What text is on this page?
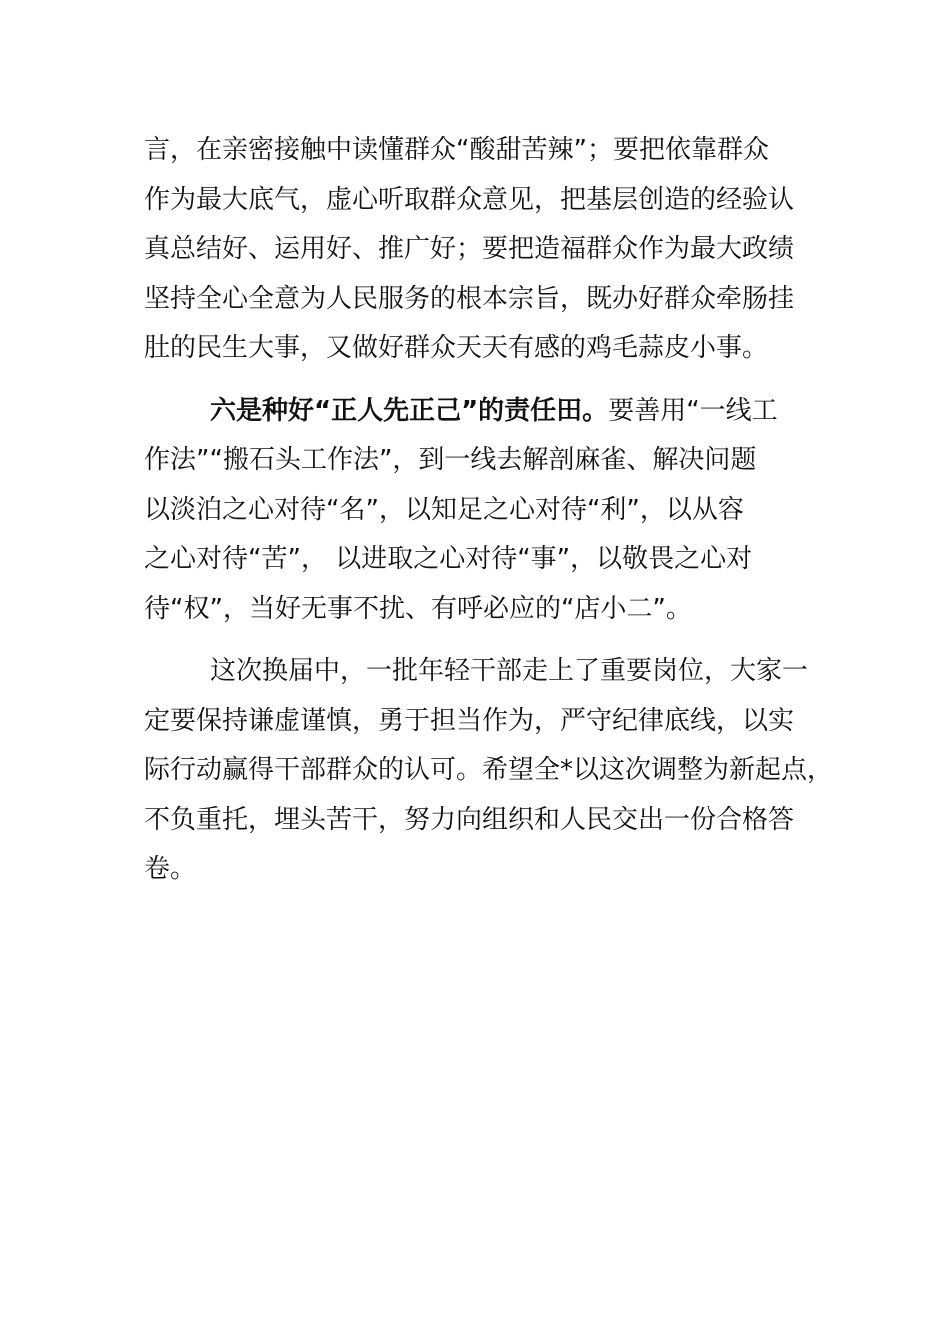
言，在亲密接触中读懂群众“酸甜苦辣”；要把依靠群众
作为最大底气，虚心听取群众意见，把基层创造的经验认
真总结好、运用好、推广好；要把造福群众作为最大政绩
坚持全心全意为人民服务的根本宗旨，既办好群众牵肠挂
肚的民生大事，又做好群众天天有感的鸡毛蒜皮小事。
六是种好“正人先正己”的责任田。要善用“一线工
作法”“搬石头工作法”，到一线去解剖麻雀、解决问题
以淡泊之心对待“名”，以知足之心对待“利”，以从容
之心对待“苦”， 以进取之心对待“事”，以敬畏之心对
待“权”，当好无事不扰、有呼必应的“店小二”。
这次换届中，一批年轻干部走上了重要岗位，大家一
定要保持谦虚谨慎，勇于担当作为，严守纪律底线，以实
际行动赢得干部群众的认可。希望全*以这次调整为新起点，
不负重托，埋头苦干，努力向组织和人民交出一份合格答
卷。
